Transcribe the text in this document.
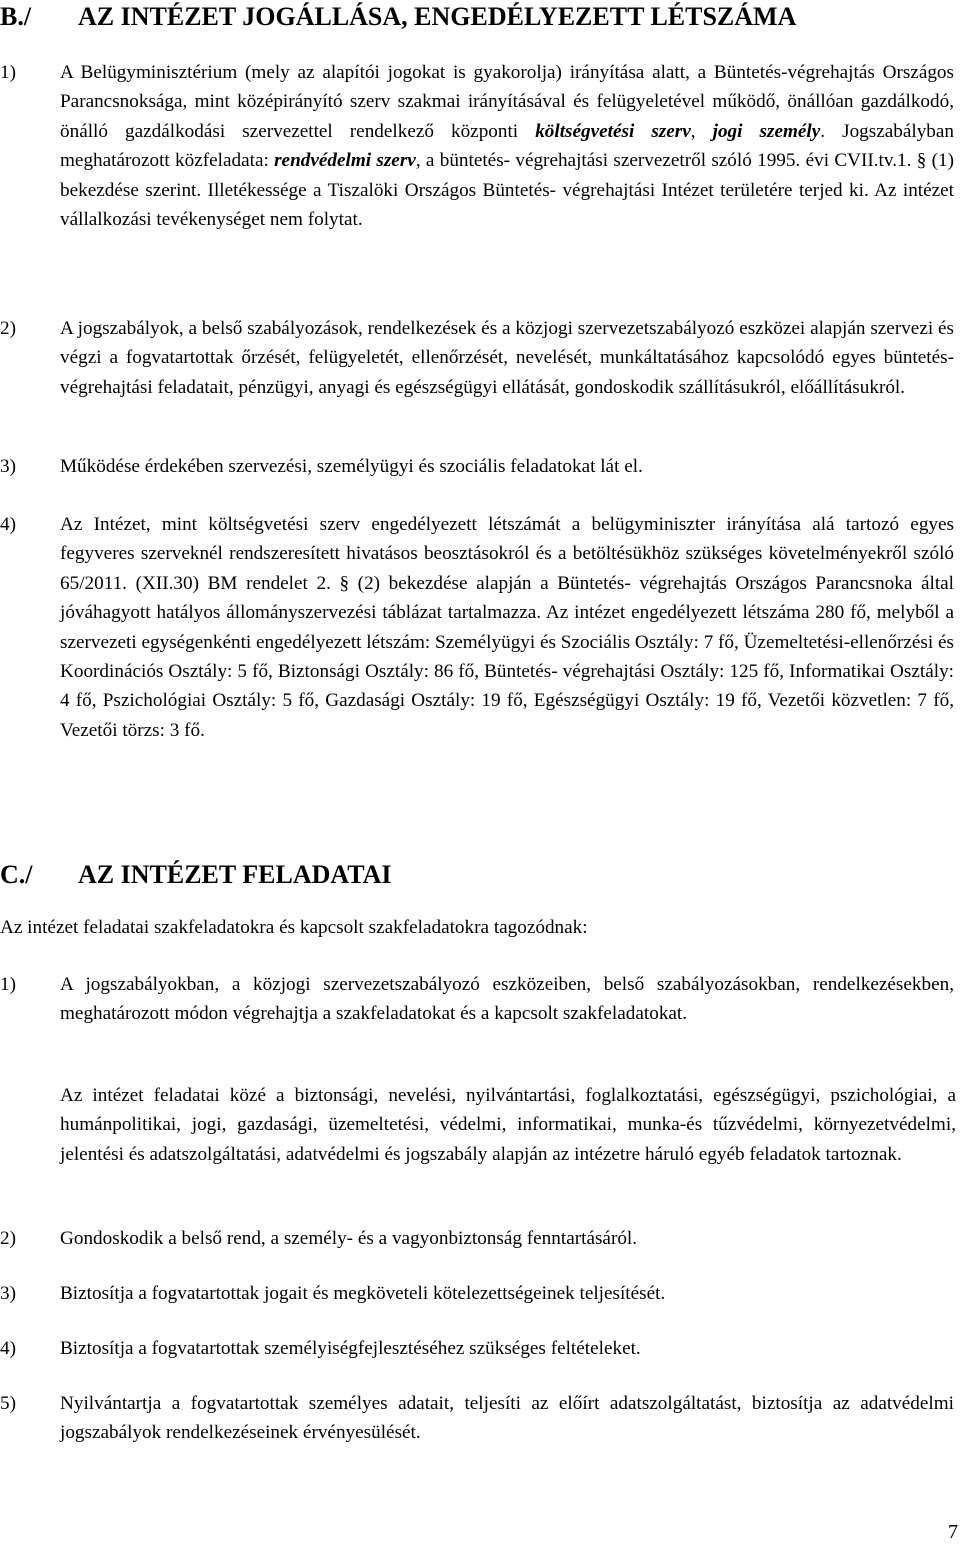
B./ AZ INTÉZET JOGÁLLÁSA, ENGEDÉLYEZETT LÉTSZÁMA
1) A Belügyminisztérium (mely az alapítói jogokat is gyakorolja) irányítása alatt, a Büntetés-végrehajtás Országos Parancsnoksága, mint középirányító szerv szakmai irányításával és felügyeletével működő, önállóan gazdálkodó, önálló gazdálkodási szervezettel rendelkező központi költségvetési szerv, jogi személy. Jogszabályban meghatározott közfeladata: rendvédelmi szerv, a büntetés- végrehajtási szervezetről szóló 1995. évi CVII.tv.1. § (1) bekezdése szerint. Illetékessége a Tiszalöki Országos Büntetés- végrehajtási Intézet területére terjed ki. Az intézet vállalkozási tevékenységet nem folytat.
2) A jogszabályok, a belső szabályozások, rendelkezések és a közjogi szervezetszabályozó eszközei alapján szervezi és végzi a fogvatartottak őrzését, felügyeletét, ellenőrzését, nevelését, munkáltatásához kapcsolódó egyes büntetés-végrehajtási feladatait, pénzügyi, anyagi és egészségügyi ellátását, gondoskodik szállításukról, előállításukról.
3) Működése érdekében szervezési, személyügyi és szociális feladatokat lát el.
4) Az Intézet, mint költségvetési szerv engedélyezett létszámát a belügyminiszter irányítása alá tartozó egyes fegyveres szerveknél rendszeresített hivatásos beosztásokról és a betöltésükhöz szükséges követelményekről szóló 65/2011. (XII.30) BM rendelet 2. § (2) bekezdése alapján a Büntetés- végrehajtás Országos Parancsnoka által jóváhagyott hatályos állományszervezési táblázat tartalmazza. Az intézet engedélyezett létszáma 280 fő, melyből a szervezeti egységenkénti engedélyezett létszám: Személyügyi és Szociális Osztály: 7 fő, Üzemeltetési-ellenőrzési és Koordinációs Osztály: 5 fő, Biztonsági Osztály: 86 fő, Büntetés- végrehajtási Osztály: 125 fő, Informatikai Osztály: 4 fő, Pszichológiai Osztály: 5 fő, Gazdasági Osztály: 19 fő, Egészségügyi Osztály: 19 fő, Vezetői közvetlen: 7 fő, Vezetői törzs: 3 fő.
C./ AZ INTÉZET FELADATAI
Az intézet feladatai szakfeladatokra és kapcsolt szakfeladatokra tagozódnak:
1) A jogszabályokban, a közjogi szervezetszabályozó eszközeiben, belső szabályozásokban, rendelkezésekben, meghatározott módon végrehajtja a szakfeladatokat és a kapcsolt szakfeladatokat.
Az intézet feladatai közé a biztonsági, nevelési, nyilvántartási, foglalkoztatási, egészségügyi, pszichológiai, a humánpolitikai, jogi, gazdasági, üzemeltetési, védelmi, informatikai, munka-és tűzvédelmi, környezetvédelmi, jelentési és adatszolgáltatási, adatvédelmi és jogszabály alapján az intézetre háruló egyéb feladatok tartoznak.
2) Gondoskodik a belső rend, a személy- és a vagyonbiztonság fenntartásáról.
3) Biztosítja a fogvatartottak jogait és megköveteli kötelezettségeinek teljesítését.
4) Biztosítja a fogvatartottak személyiségfejlesztéséhez szükséges feltételeket.
5) Nyilvántartja a fogvatartottak személyes adatait, teljesíti az előírt adatszolgáltatást, biztosítja az adatvédelmi jogszabályok rendelkezéseinek érvényesülését.
7
